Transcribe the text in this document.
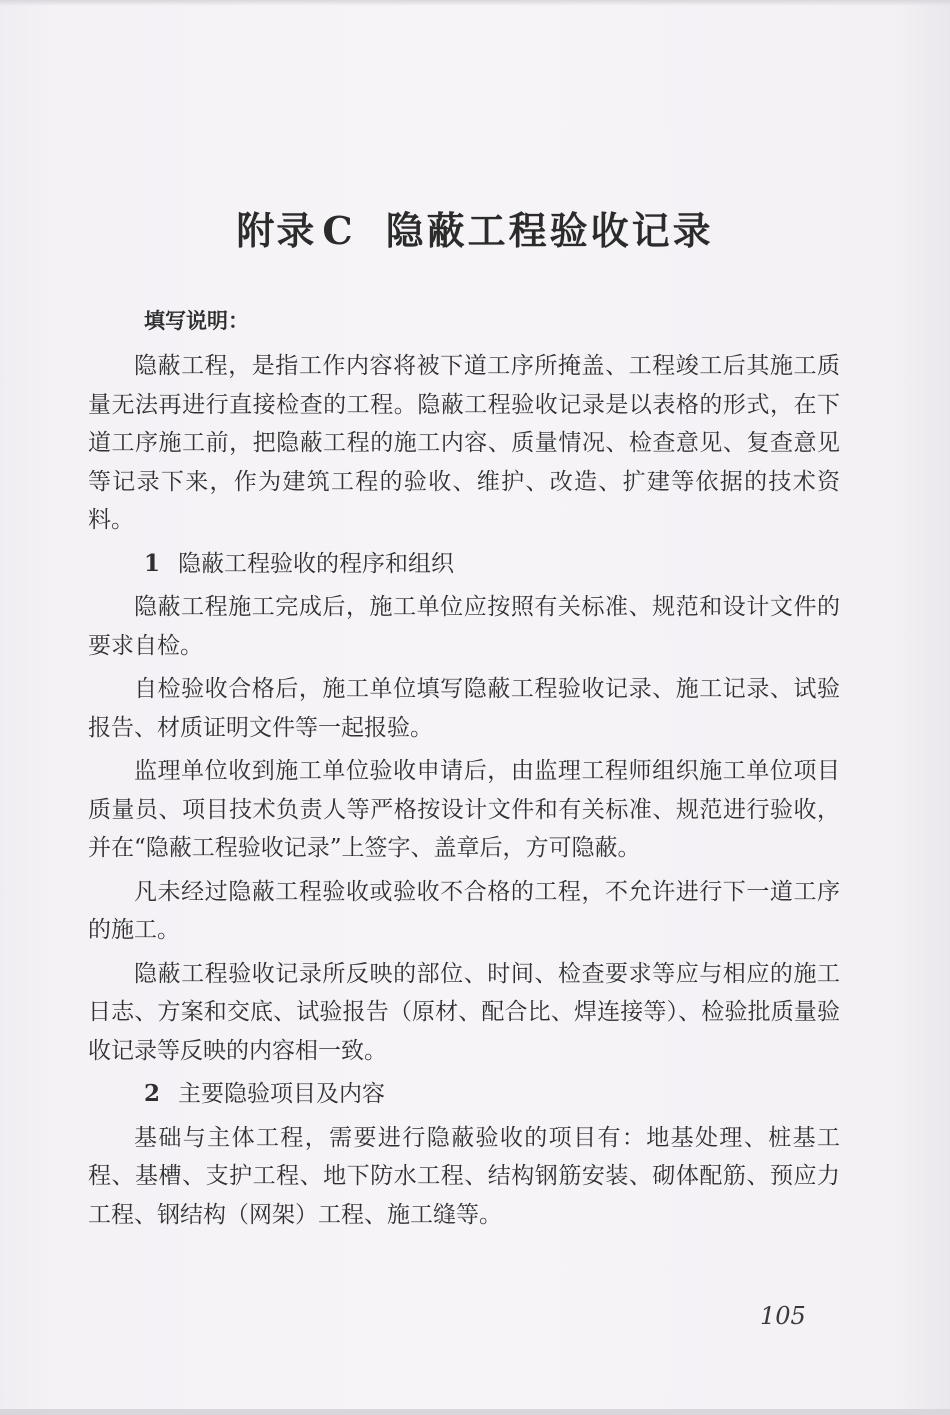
附录 C 隐蔽工程验收记录
填写说明：

隐蔽工程，是指工作内容将被下道工序所掩盖、工程竣工后其施工质量无法再进行直接检查的工程。隐蔽工程验收记录是以表格的形式，在下道工序施工前，把隐蔽工程的施工内容、质量情况、检查意见、复查意见等记录下来，作为建筑工程的验收、维护、改造、扩建等依据的技术资料。

1 隐蔽工程验收的程序和组织

隐蔽工程施工完成后，施工单位应按照有关标准、规范和设计文件的要求自检。

自检验收合格后，施工单位填写隐蔽工程验收记录、施工记录、试验报告、材质证明文件等一起报验。

监理单位收到施工单位验收申请后，由监理工程师组织施工单位项目质量员、项目技术负责人等严格按设计文件和有关标准、规范进行验收，并在“隐蔽工程验收记录”上签字、盖章后，方可隐蔽。

凡未经过隐蔽工程验收或验收不合格的工程，不允许进行下一道工序的施工。

隐蔽工程验收记录所反映的部位、时间、检查要求等应与相应的施工日志、方案和交底、试验报告（原材、配合比、焊连接等）、检验批质量验收记录等反映的内容相一致。

2 主要隐验项目及内容

基础与主体工程，需要进行隐蔽验收的项目有：地基处理、桩基工程、基槽、支护工程、地下防水工程、结构钢筋安装、砌体配筋、预应力工程、钢结构（网架）工程、施工缝等。

105
